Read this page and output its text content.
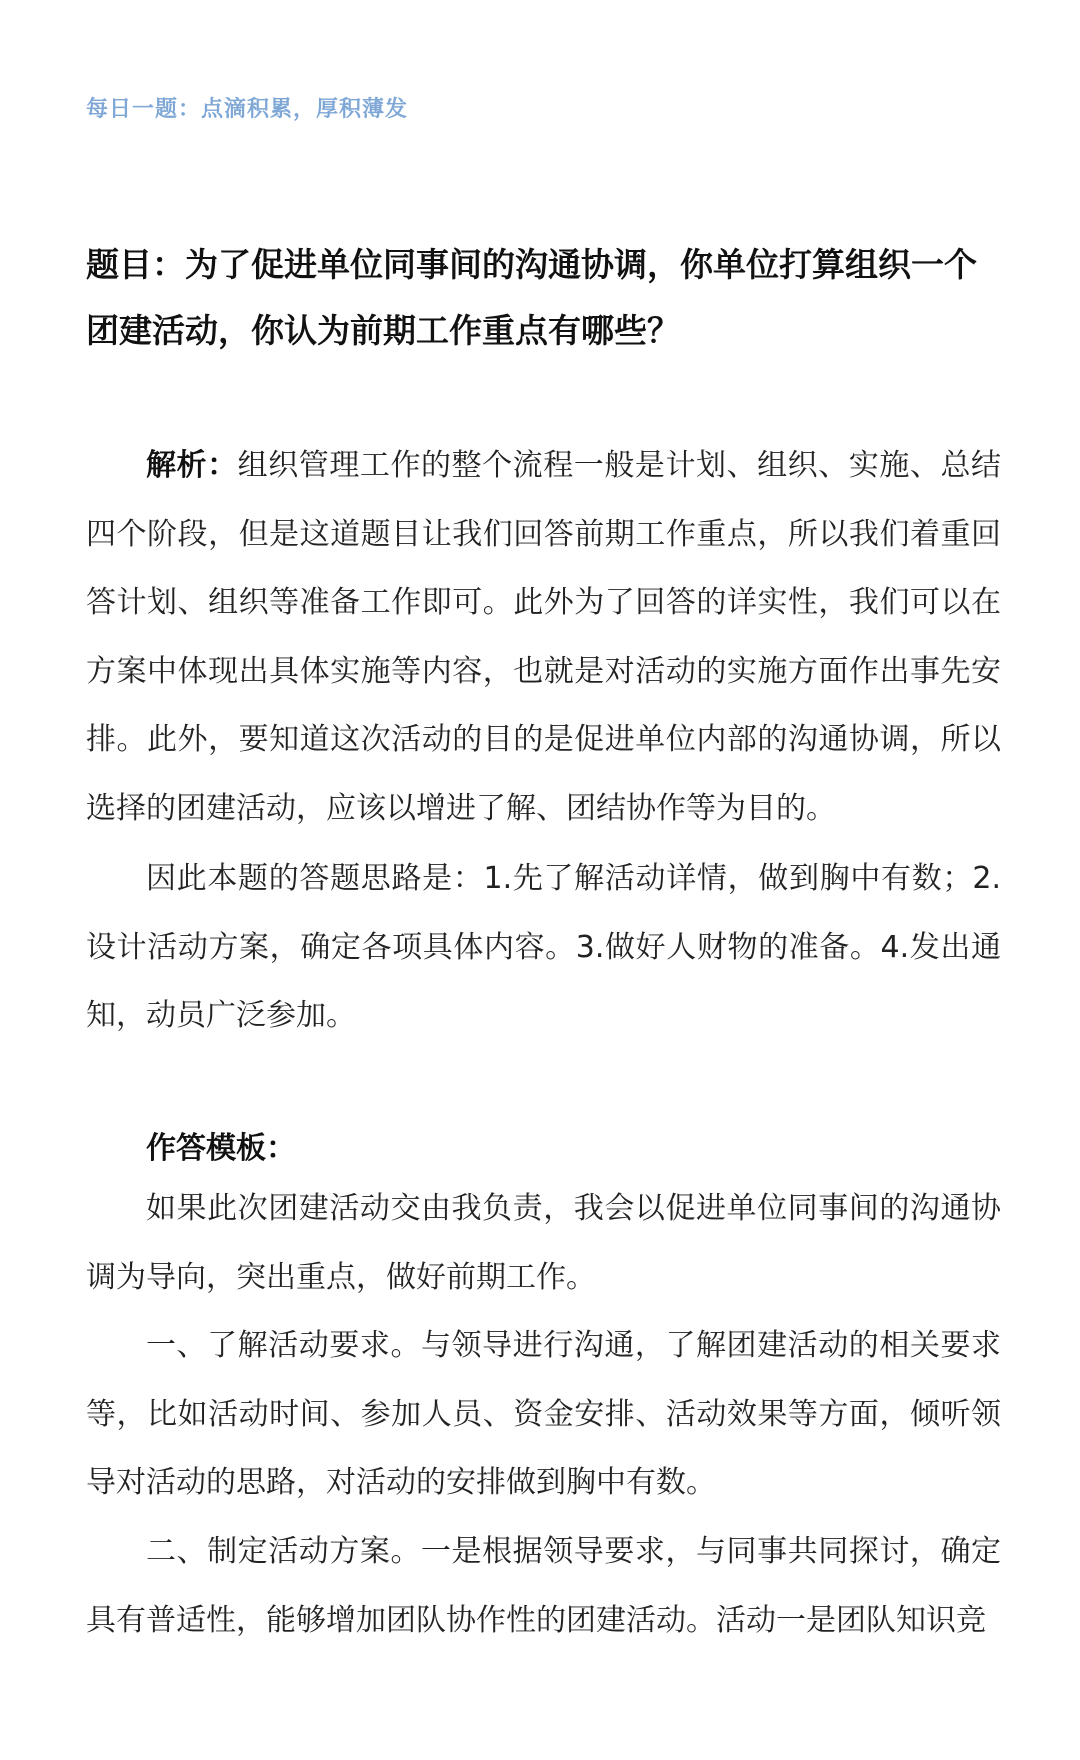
每日一题：点滴积累，厚积薄发
题目：为了促进单位同事间的沟通协调，你单位打算组织一个团建活动，你认为前期工作重点有哪些？
解析：组织管理工作的整个流程一般是计划、组织、实施、总结四个阶段，但是这道题目让我们回答前期工作重点，所以我们着重回答计划、组织等准备工作即可。此外为了回答的详实性，我们可以在方案中体现出具体实施等内容，也就是对活动的实施方面作出事先安排。此外，要知道这次活动的目的是促进单位内部的沟通协调，所以选择的团建活动，应该以增进了解、团结协作等为目的。
因此本题的答题思路是：1.先了解活动详情，做到胸中有数；2.设计活动方案，确定各项具体内容。3.做好人财物的准备。4.发出通知，动员广泛参加。
作答模板：
如果此次团建活动交由我负责，我会以促进单位同事间的沟通协调为导向，突出重点，做好前期工作。
一、了解活动要求。与领导进行沟通，了解团建活动的相关要求等，比如活动时间、参加人员、资金安排、活动效果等方面，倾听领导对活动的思路，对活动的安排做到胸中有数。
二、制定活动方案。一是根据领导要求，与同事共同探讨，确定具有普适性，能够增加团队协作性的团建活动。活动一是团队知识竞
